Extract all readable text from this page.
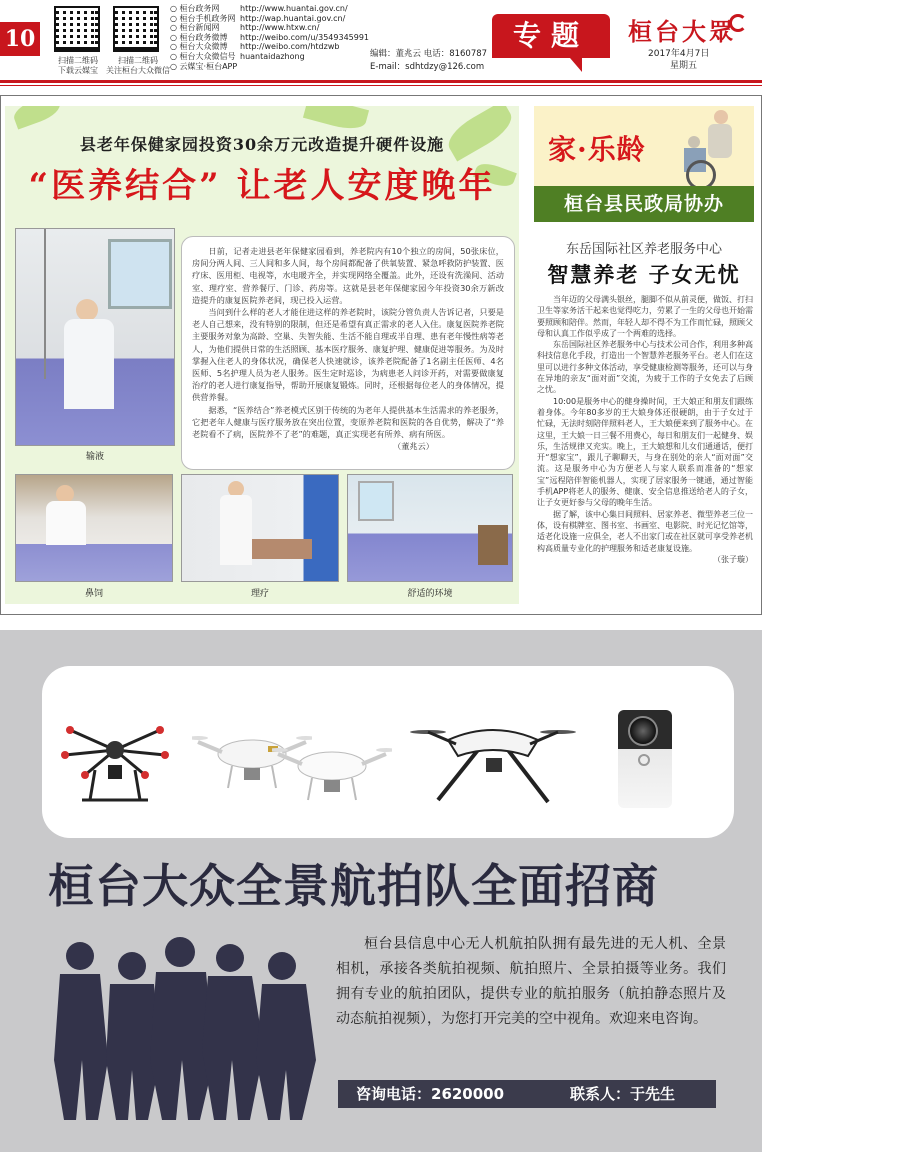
10
扫描二维码
下载云媒宝
扫描二维码
关注桓台大众微信
○ 桓台政务网	http://www.huantai.gov.cn/
○ 桓台手机政务网 http://wap.huantai.gov.cn/
○ 桓台新闻网	http://www.htxw.cn/
○ 桓台政务微博	http://weibo.com/u/3549345991
○ 桓台大众微博	http://weibo.com/htdzwb
○ 桓台大众微信号 huantaidazhong
○ 云媒宝·桓台APP
专题	桓台大眾
编辑：董兆云 电话：8160787
E-mail：sdhtdzy@126.com
2017年4月7日
星期五
县老年保健家园投资30余万元改造提升硬件设施
“医养结合” 让老人安度晚年
输液

日前，记者走进县老年保健家园看到，养老院内有10个独立的房间，50张床位，房间分两人间、三人间和多人间，每个房间都配备了供氧装置、紧急呼救防护装置、医疗床、医用柜、电视等，水电暖齐全，并实现网络全覆盖。此外，还设有洗澡间、活动室、理疗室、营养餐厅、门诊、药房等。这就是县老年保健家园今年投资30余万新改造提升的康复医院养老间，现已投入运营。

当问到什么样的老人才能住进这样的养老院时，该院分管负责人告诉记者，只要是老人自己想来，没有特别的限制，但还是希望有真正需求的老人入住。康复医院养老院主要服务对象为高龄、空巢、失智失能、生活不能自理或半自理、患有老年慢性病等老人，为他们提供日常的生活照顾、基本医疗服务、康复护理、健康促进等服务。为及时掌握入住老人的身体状况，确保老人快速就诊，该养老院配备了1名副主任医师、4名医师、5名护理人员为老人服务。医生定时巡诊，为病患老人问诊开药，对需要做康复治疗的老人进行康复指导，帮助开展康复锻炼。同时，还根据每位老人的身体情况，提供营养餐。

据悉，“医养结合”养老模式区别于传统的为老年人提供基本生活需求的养老服务，它把老年人健康与医疗服务放在突出位置，变原养老院和医院的各自优势，解决了“养老院看不了病，医院养不了老”的难题，真正实现老有所养、病有所医。

（董兆云）

鼻饲	理疗	舒适的环境
家·乐龄
桓台县民政局协办
东岳国际社区养老服务中心
智慧养老 子女无忧

当年迈的父母满头银丝，腿脚不似从前灵便，做饭、打扫卫生等家务活干起来也觉得吃力，劳累了一生的父母也开始需要照顾和陪伴。然而，年轻人却不得不为工作而忙碌，照顾父母和认真工作似乎成了一个两难的选择。

东岳国际社区养老服务中心与技术公司合作，利用多种高科技信息化手段，打造出一个智慧养老服务平台。老人们在这里可以进行多种文体活动，享受健康检测等服务，还可以与身在异地的亲友“面对面”交流，为疲于工作的子女免去了后顾之忧。

10:00是服务中心的健身操时间，王大娘正和朋友们跟练着身体。今年80多岁的王大娘身体还很硬朗，由于子女过于忙碌，无法时刻陪伴照料老人，王大娘便来到了服务中心。在这里，王大娘一日三餐不用费心，每日和朋友们一起健身、娱乐，生活规律又充实。晚上，王大娘想和儿女们通通话，便打开“想家宝”，跟儿子聊聊天，与身在别处的亲人“面对面”交流。这是服务中心为方便老人与家人联系而准备的“想家宝”远程陪伴智能机器人，实现了居家服务一键通，通过智能手机APP将老人的服务、健康、安全信息推送给老人的子女，让子女更好参与父母的晚年生活。

据了解，该中心集日间照料、居家养老、微型养老三位一体，设有棋牌室、图书室、书画室、电影院、时光记忆馆等，适老化设施一应俱全，老人不出家门或在社区就可享受养老机构高质量专业化的护理服务和适老康复设施。

（张子璇）

桓台大众全景航拍队全面招商

桓台县信息中心无人机航拍队拥有最先进的无人机、全景相机，承接各类航拍视频、航拍照片、全景拍摄等业务。我们拥有专业的航拍团队，提供专业的航拍服务（航拍静态照片及动态航拍视频），为您打开完美的空中视角。欢迎来电咨询。

咨询电话：2620000	联系人：于先生
